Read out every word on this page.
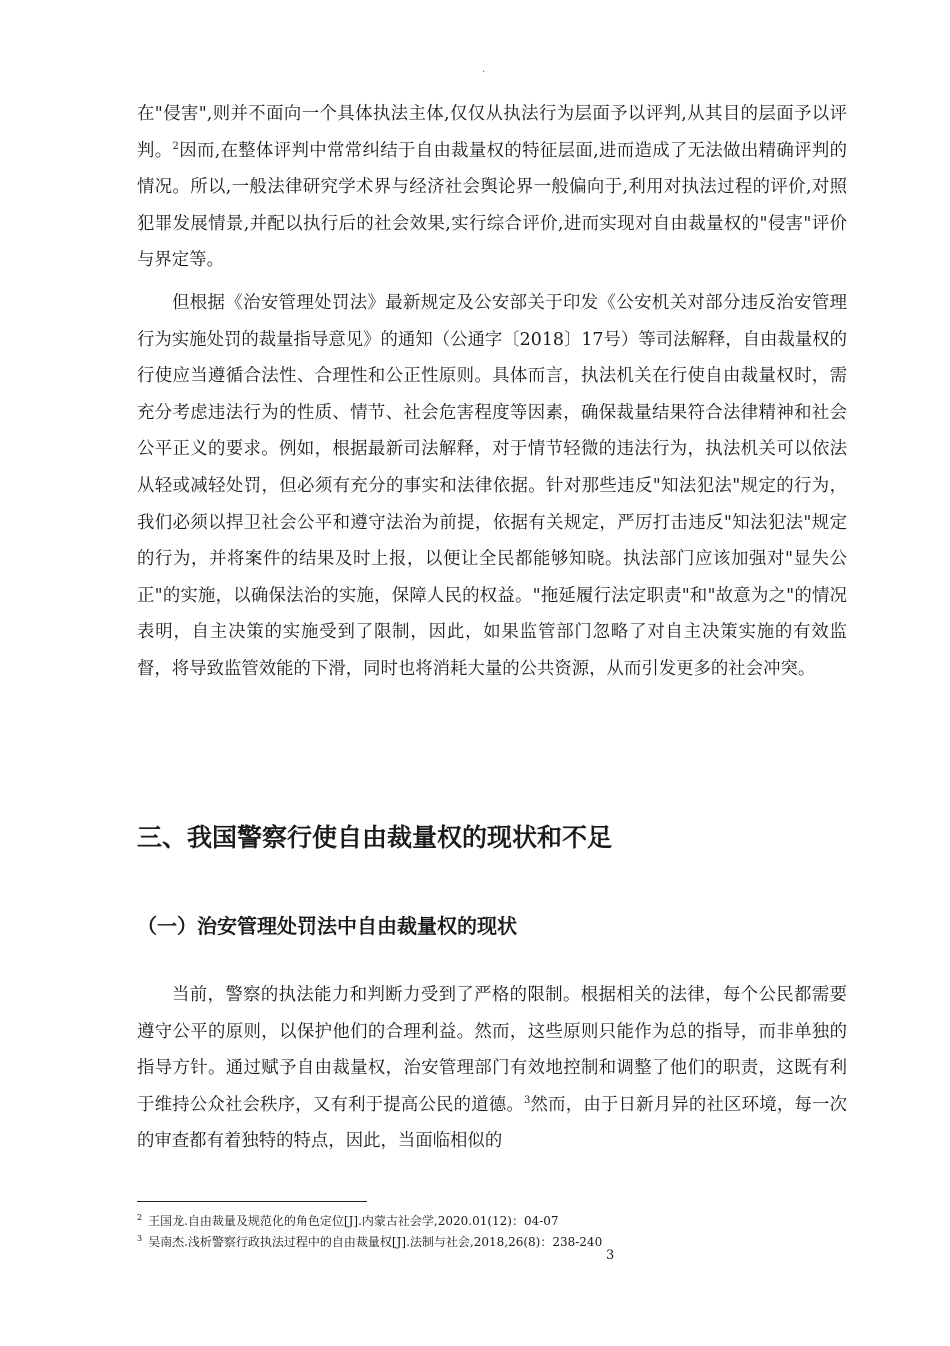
.

在"侵害",则并不面向一个具体执法主体,仅仅从执法行为层面予以评判,从其目的层面予以评判。$^2$因而,在整体评判中常常纠结于自由裁量权的特征层面,进而造成了无法做出精确评判的情况。所以,一般法律研究学术界与经济社会舆论界一般偏向于,利用对执法过程的评价,对照犯罪发展情景,并配以执行后的社会效果,实行综合评价,进而实现对自由裁量权的"侵害"评价与界定等。

但根据《治安管理处罚法》最新规定及公安部关于印发《公安机关对部分违反治安管理行为实施处罚的裁量指导意见》的通知（公通字〔2018〕17号）等司法解释，自由裁量权的行使应当遵循合法性、合理性和公正性原则。具体而言，执法机关在行使自由裁量权时，需充分考虑违法行为的性质、情节、社会危害程度等因素，确保裁量结果符合法律精神和社会公平正义的要求。例如，根据最新司法解释，对于情节轻微的违法行为，执法机关可以依法从轻或减轻处罚，但必须有充分的事实和法律依据。针对那些违反"知法犯法"规定的行为，我们必须以捍卫社会公平和遵守法治为前提，依据有关规定，严厉打击违反"知法犯法"规定的行为，并将案件的结果及时上报，以便让全民都能够知晓。执法部门应该加强对"显失公正"的实施，以确保法治的实施，保障人民的权益。"拖延履行法定职责"和"故意为之"的情况表明，自主决策的实施受到了限制，因此，如果监管部门忽略了对自主决策实施的有效监督，将导致监管效能的下滑，同时也将消耗大量的公共资源，从而引发更多的社会冲突。

三、我国警察行使自由裁量权的现状和不足
（一）治安管理处罚法中自由裁量权的现状

当前，警察的执法能力和判断力受到了严格的限制。根据相关的法律，每个公民都需要遵守公平的原则，以保护他们的合理利益。然而，这些原则只能作为总的指导，而非单独的指导方针。通过赋予自由裁量权，治安管理部门有效地控制和调整了他们的职责，这既有利于维持公众社会秩序，又有利于提高公民的道德。$^3$然而，由于日新月异的社区环境，每一次的审查都有着独特的特点，因此，当面临相似的

$^2$ 王国龙.自由裁量及规范化的角色定位[J].内蒙古社会学,2020.01(12)：04-07

$^3$ 吴南杰.浅析警察行政执法过程中的自由裁量权[J].法制与社会,2018,26(8)：238-240

3
